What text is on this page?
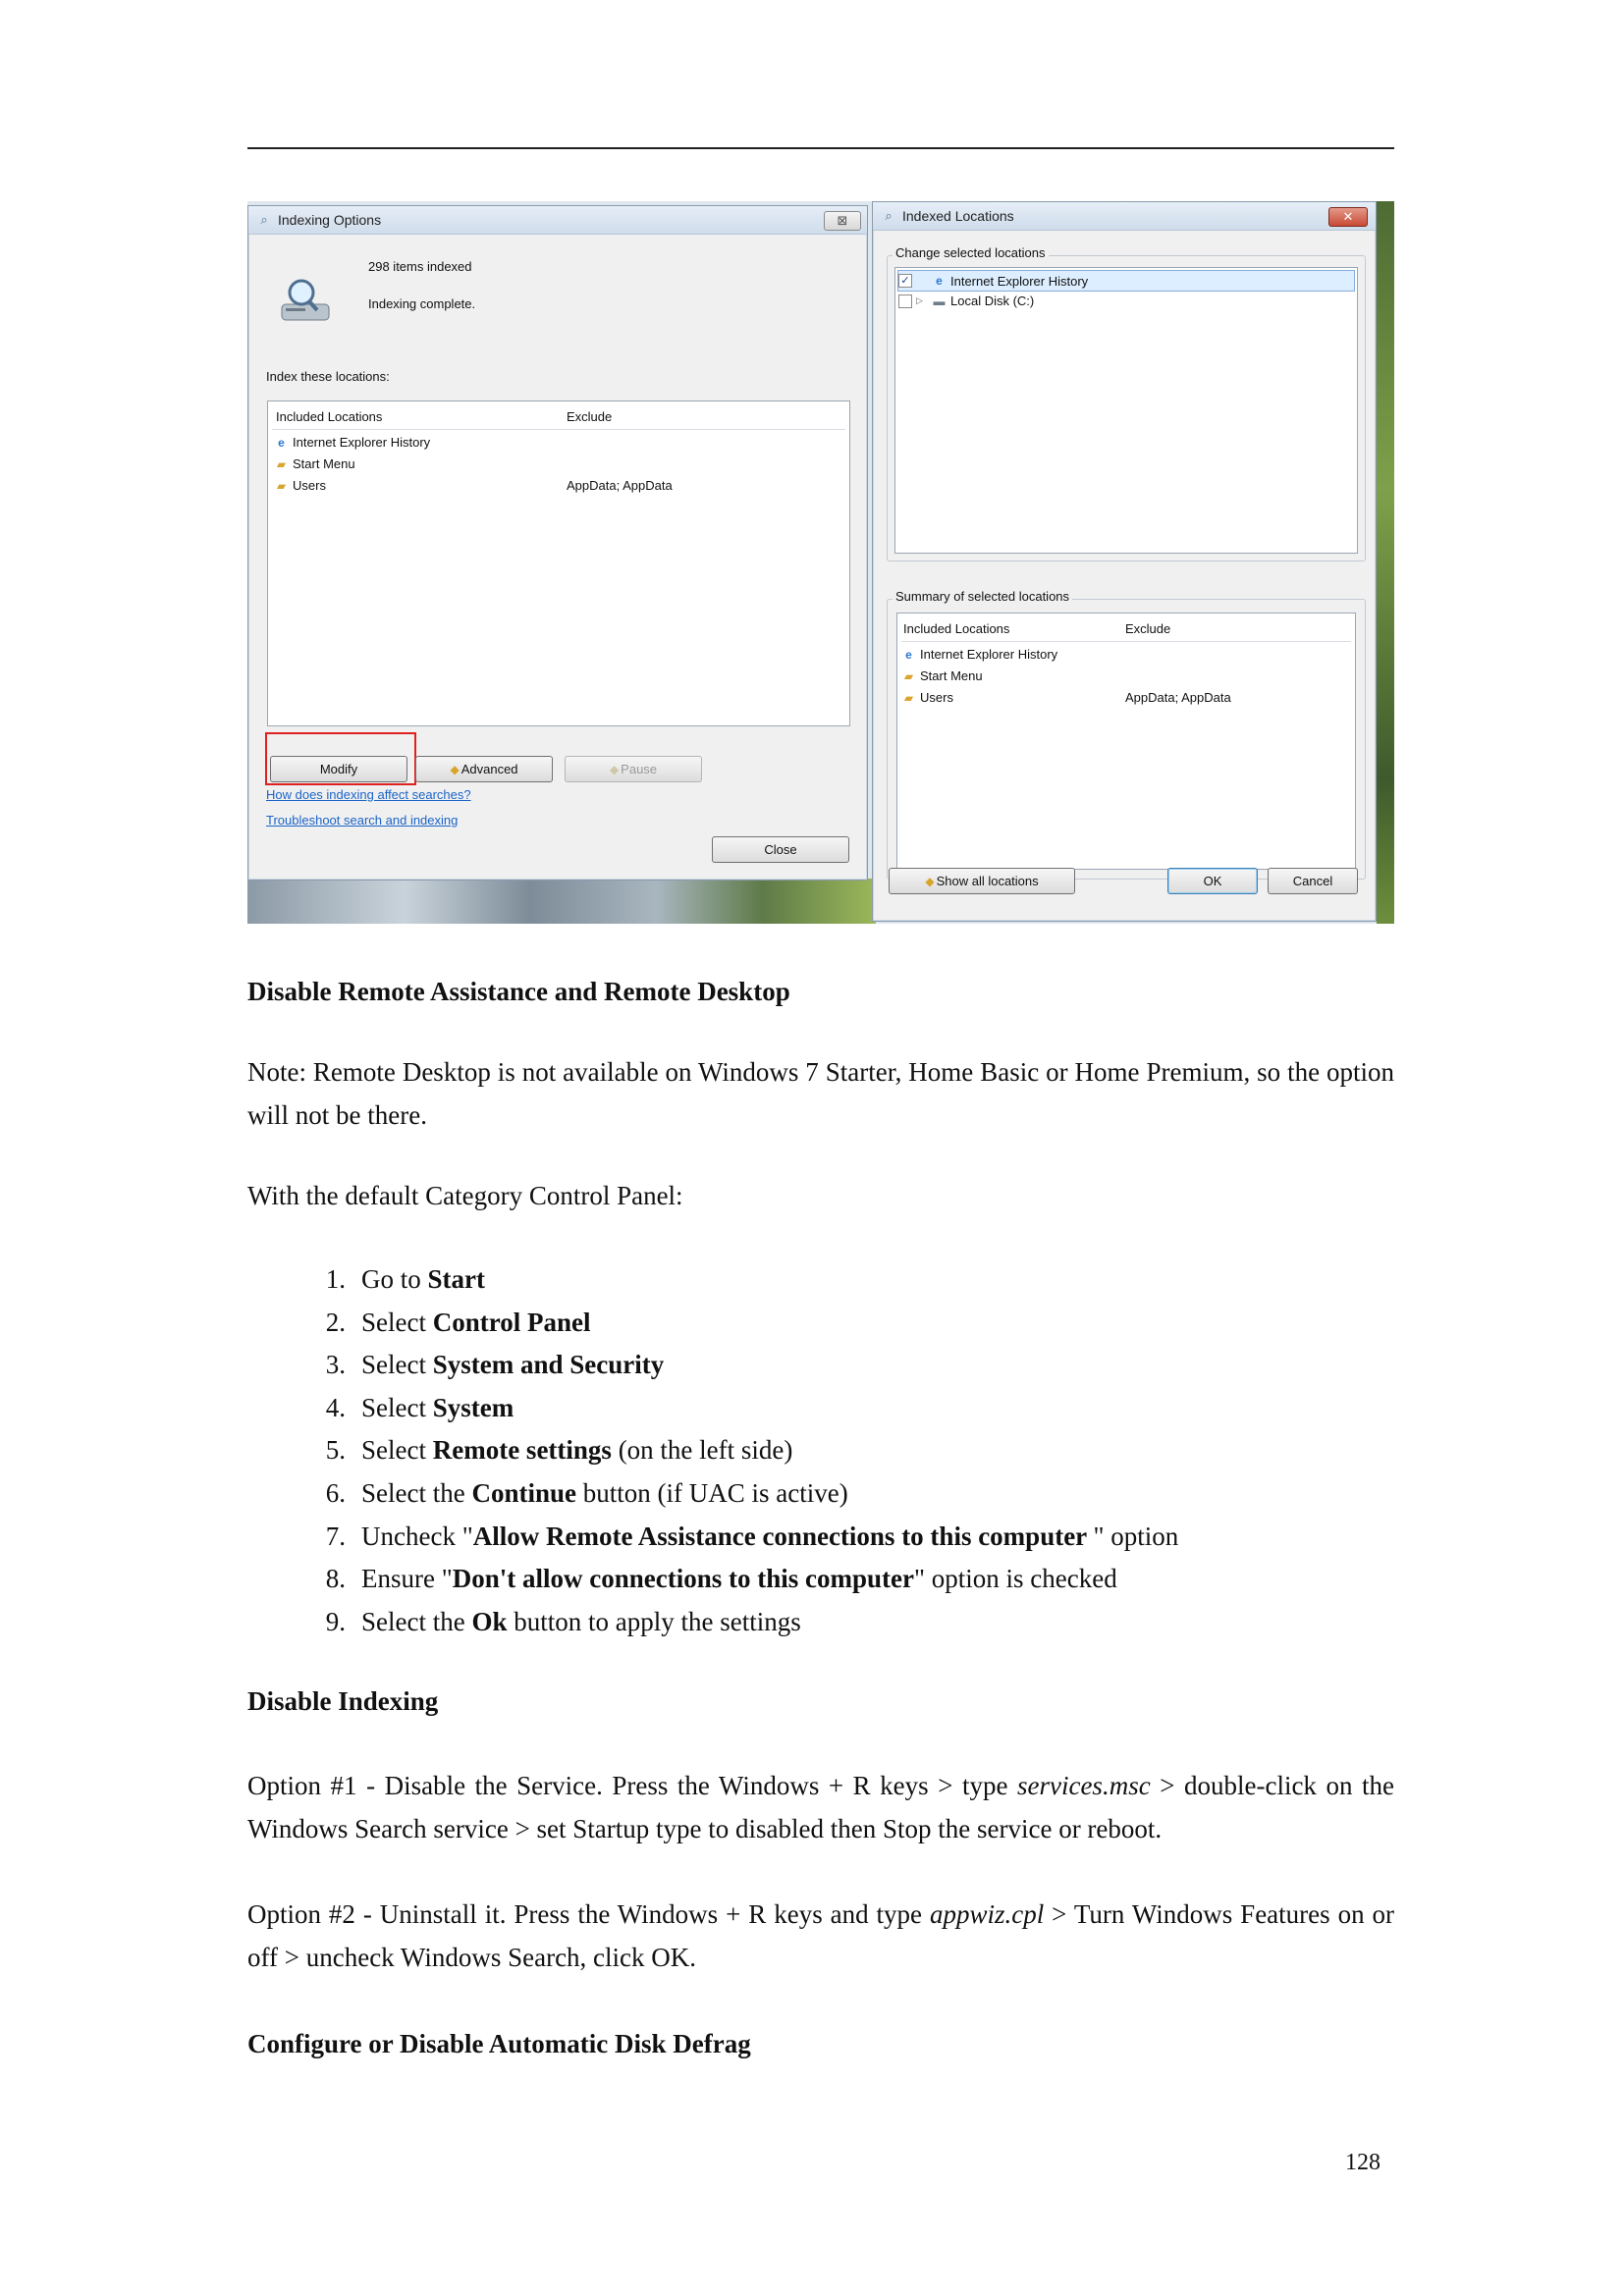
⌕ Indexing Options	⊠
298 items indexed
Indexing complete.
Index these locations:
Included Locations	Exclude
e Internet Explorer History
▰ Start Menu
▰ Users	AppData; AppData
Modify	◆ Advanced	◆ Pause
How does indexing affect searches?
Troubleshoot search and indexing
Close
⌕ Indexed Locations	✕
Change selected locations
✓	e Internet Explorer History
▷ ▬ Local Disk (C:)
Summary of selected locations
Included Locations	Exclude
e Internet Explorer History
▰ Start Menu
▰ Users	AppData; AppData
◆ Show all locations	OK	Cancel
Disable Remote Assistance and Remote Desktop
Note: Remote Desktop is not available on Windows 7 Starter, Home Basic or Home Premium, so the option will not be there.
With the default Category Control Panel:
1. Go to Start
2. Select Control Panel
3. Select System and Security
4. Select System
5. Select Remote settings (on the left side)
6. Select the Continue button (if UAC is active)
7. Uncheck "Allow Remote Assistance connections to this computer " option
8. Ensure "Don't allow connections to this computer" option is checked
9. Select the Ok button to apply the settings
Disable Indexing
Option #1 - Disable the Service. Press the Windows + R keys > type services.msc > double-click on the Windows Search service > set Startup type to disabled then Stop the service or reboot.
Option #2 - Uninstall it. Press the Windows + R keys and type appwiz.cpl > Turn Windows Features on or off > uncheck Windows Search, click OK.
Configure or Disable Automatic Disk Defrag
128
